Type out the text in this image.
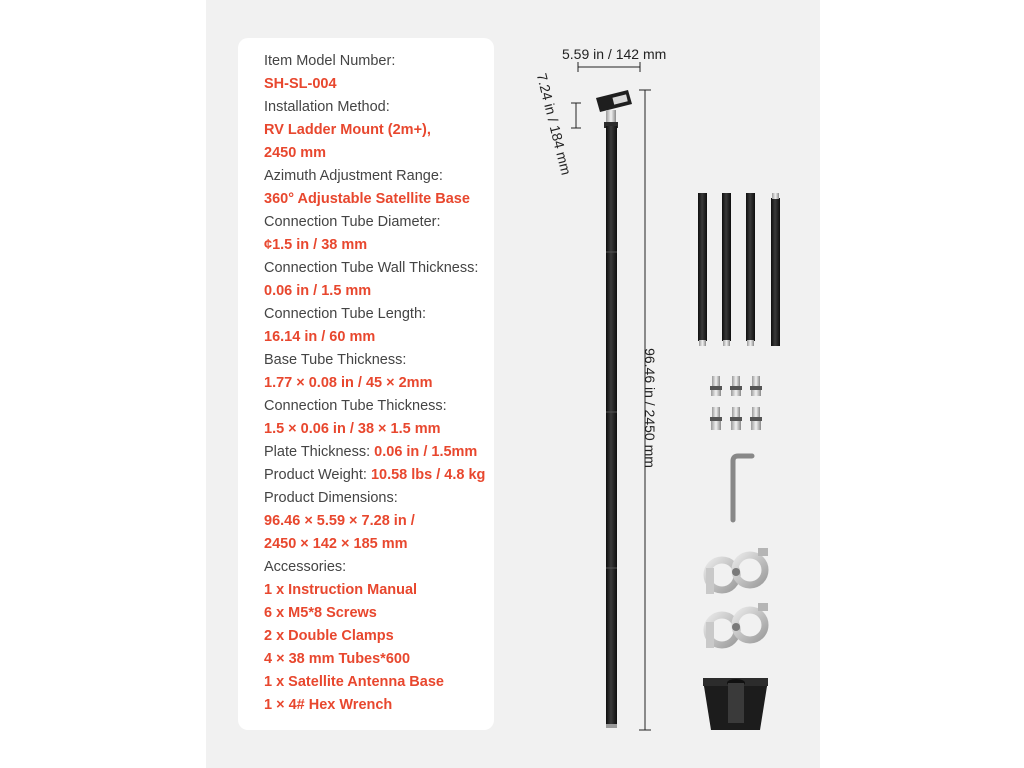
Item Model Number:
SH-SL-004
Installation Method:
RV Ladder Mount (2m+),
2450 mm
Azimuth Adjustment Range:
360° Adjustable Satellite Base
Connection Tube Diameter:
¢1.5 in / 38 mm
Connection Tube Wall Thickness:
0.06 in / 1.5 mm
Connection Tube Length:
16.14 in / 60 mm
Base Tube Thickness:
1.77 × 0.08 in / 45 × 2mm
Connection Tube Thickness:
1.5 × 0.06 in / 38 × 1.5 mm
Plate Thickness: 0.06 in / 1.5mm
Product Weight: 10.58 lbs / 4.8 kg
Product Dimensions:
96.46 × 5.59 × 7.28 in /
2450 × 142 × 185 mm
Accessories:
1 x Instruction Manual
6 x M5*8 Screws
2 x Double Clamps
4 × 38 mm Tubes*600
1 x Satellite Antenna Base
1 × 4# Hex Wrench
5.59 in / 142 mm
7.24 in / 184 mm
96.46 in / 2450 mm
